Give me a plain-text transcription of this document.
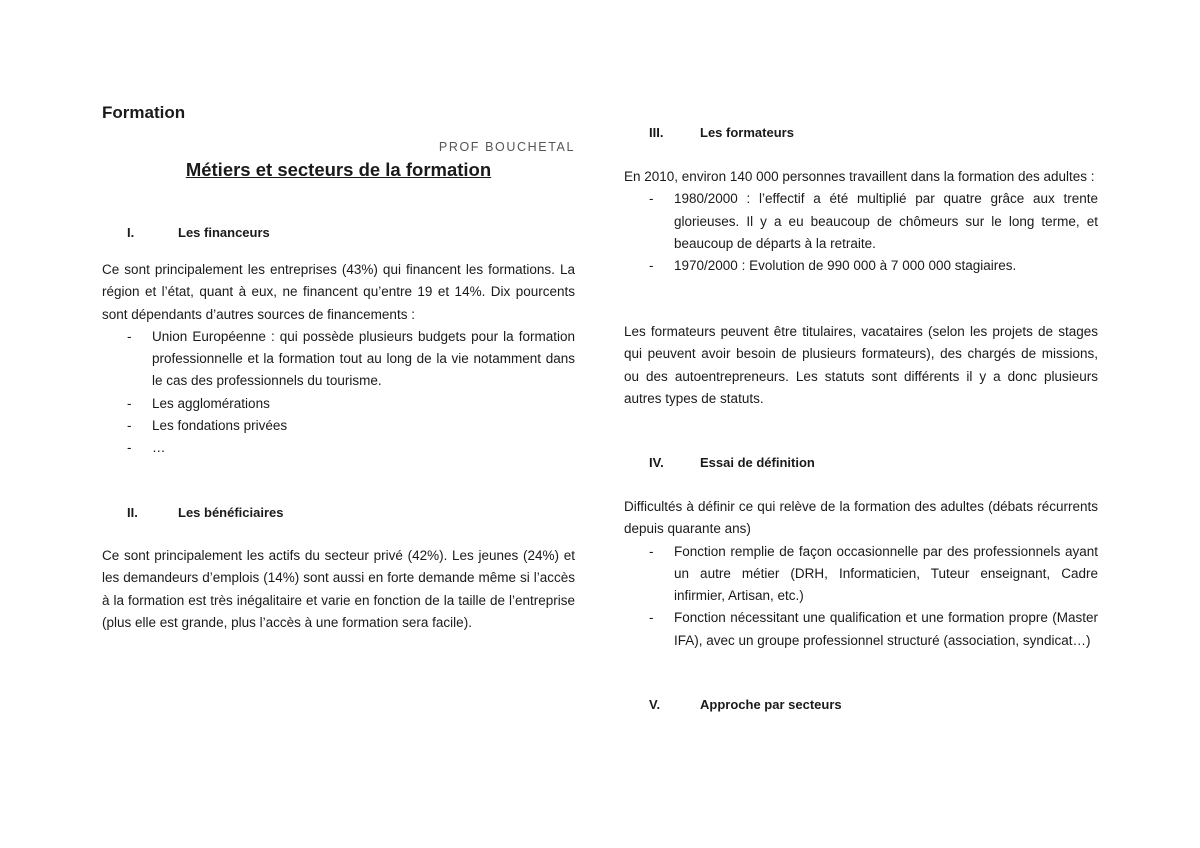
Formation

PROF BOUCHETAL

Métiers et secteurs de la formation
I.	Les financeurs

Ce sont principalement les entreprises (43%) qui financent les formations. La région et l’état, quant à eux, ne financent qu’entre 19 et 14%. Dix pourcents sont dépendants d’autres sources de financements :

- Union Européenne : qui possède plusieurs budgets pour la formation professionnelle et la formation tout au long de la vie notamment dans le cas des professionnels du tourisme.
- Les agglomérations
- Les fondations privées
- …
II.	Les bénéficiaires

Ce sont principalement les actifs du secteur privé (42%). Les jeunes (24%) et les demandeurs d’emplois (14%) sont aussi en forte demande même si l’accès à la formation est très inégalitaire et varie en fonction de la taille de l’entreprise (plus elle est grande, plus l’accès à une formation sera facile).

III.	Les formateurs

En 2010, environ 140 000 personnes travaillent dans la formation des adultes :

- 1980/2000 : l’effectif a été multiplié par quatre grâce aux trente glorieuses. Il y a eu beaucoup de chômeurs sur le long terme, et beaucoup de départs à la retraite.
- 1970/2000 : Evolution de 990 000 à 7 000 000 stagiaires.

Les formateurs peuvent être titulaires, vacataires (selon les projets de stages qui peuvent avoir besoin de plusieurs formateurs), des chargés de missions, ou des autoentrepreneurs. Les statuts sont différents il y a donc plusieurs autres types de statuts.

IV.	Essai de définition

Difficultés à définir ce qui relève de la formation des adultes (débats récurrents depuis quarante ans)

- Fonction remplie de façon occasionnelle par des professionnels ayant un autre métier (DRH, Informaticien, Tuteur enseignant, Cadre infirmier, Artisan, etc.)
- Fonction nécessitant une qualification et une formation propre (Master IFA), avec un groupe professionnel structuré (association, syndicat…)
V.	Approche par secteurs
